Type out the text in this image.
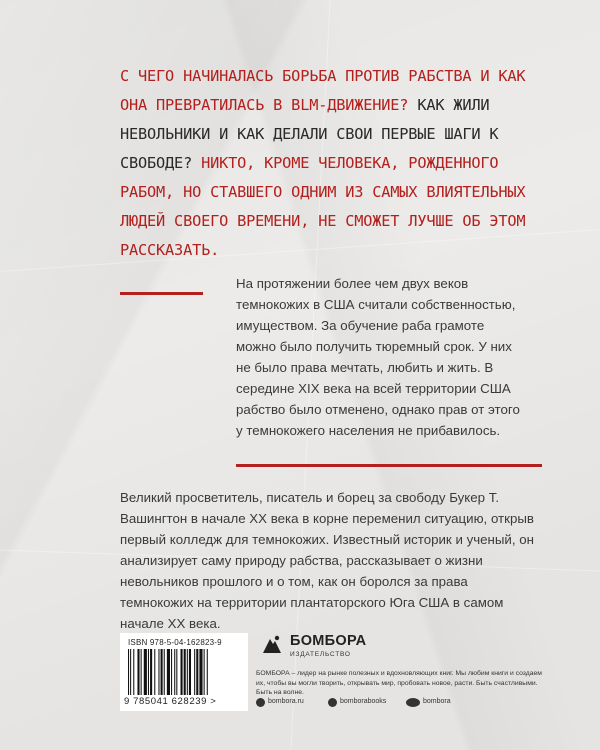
С ЧЕГО НАЧИНАЛАСЬ БОРЬБА ПРОТИВ РАБСТВА И КАК ОНА ПРЕВРАТИЛАСЬ В BLM-ДВИЖЕНИЕ? КАК ЖИЛИ НЕВОЛЬНИКИ И КАК ДЕЛАЛИ СВОИ ПЕРВЫЕ ШАГИ К СВОБОДЕ? НИКТО, КРОМЕ ЧЕЛОВЕКА, РОЖДЕННОГО РАБОМ, НО СТАВШЕГО ОДНИМ ИЗ САМЫХ ВЛИЯТЕЛЬНЫХ ЛЮДЕЙ СВОЕГО ВРЕМЕНИ, НЕ СМОЖЕТ ЛУЧШЕ ОБ ЭТОМ РАССКАЗАТЬ.

На протяжении более чем двух веков темнокожих в США считали собственностью, имуществом. За обучение раба грамоте можно было получить тюремный срок. У них не было права мечтать, любить и жить. В середине XIX века на всей территории США рабство было отменено, однако прав от этого у темнокожего населения не прибавилось.

Великий просветитель, писатель и борец за свободу Букер Т. Вашингтон в начале XX века в корне переменил ситуацию, открыв первый колледж для темнокожих. Известный историк и ученый, он анализирует саму природу рабства, рассказывает о жизни невольников прошлого и о том, как он боролся за права темнокожих на территории плантаторского Юга США в самом начале XX века.

ISBN 978-5-04-162823-9
9 785041 628239 >
БОМБОРА
ИЗДАТЕЛЬСТВО

БОМБОРА – лидер на рынке полезных и вдохновляющих книг. Мы любим книги и создаем их, чтобы вы могли творить, открывать мир, пробовать новое, расти. Быть счастливыми. Быть на волне.

bombora.ru	bomborabooks	bombora
